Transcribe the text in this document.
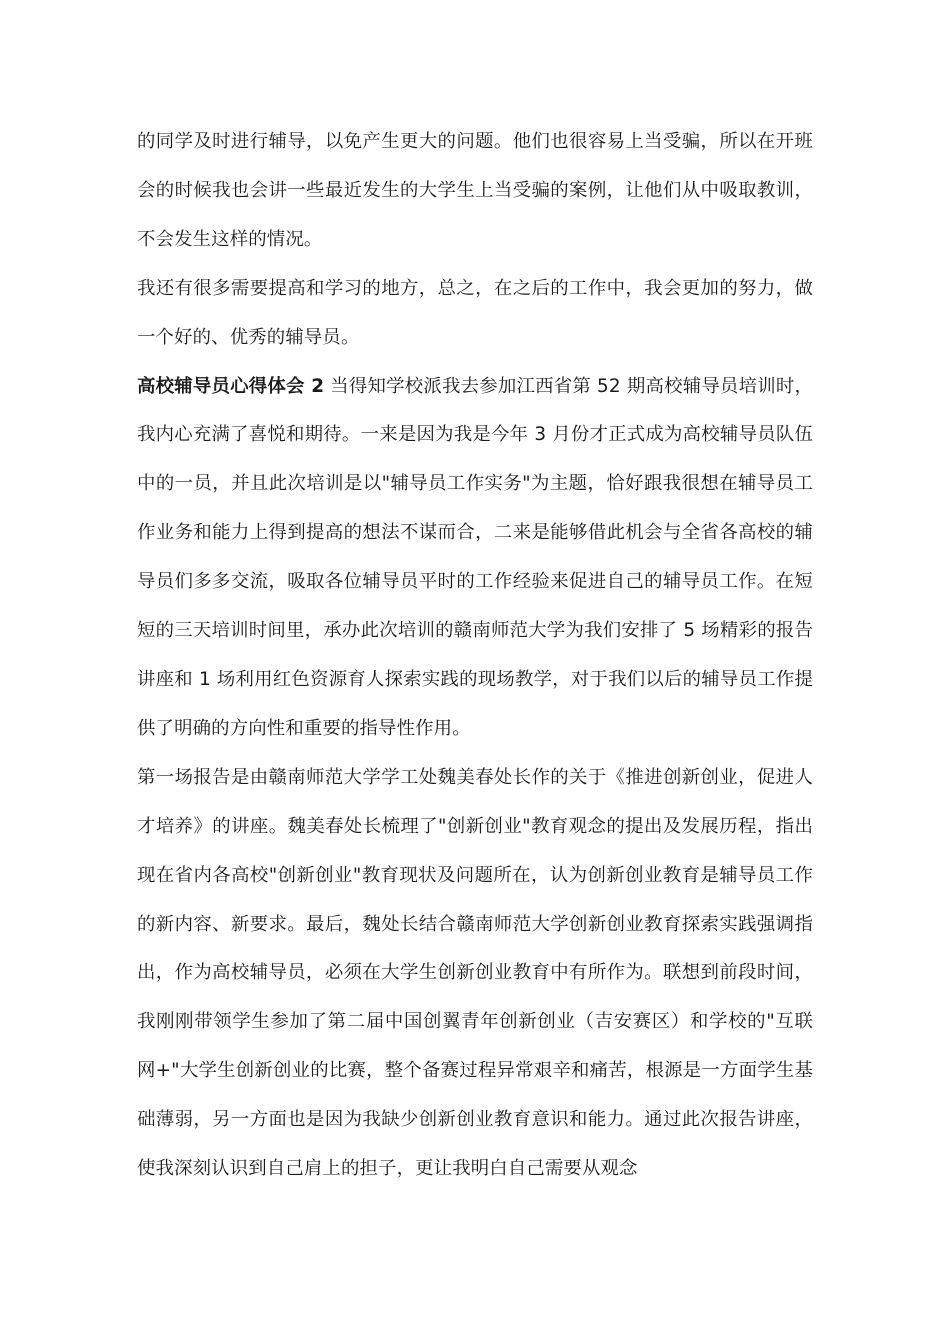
的同学及时进行辅导，以免产生更大的问题。他们也很容易上当受骗，所以在开班会的时候我也会讲一些最近发生的大学生上当受骗的案例，让他们从中吸取教训，不会发生这样的情况。

我还有很多需要提高和学习的地方，总之，在之后的工作中，我会更加的努力，做一个好的、优秀的辅导员。

高校辅导员心得体会 2 当得知学校派我去参加江西省第 52 期高校辅导员培训时，我内心充满了喜悦和期待。一来是因为我是今年 3 月份才正式成为高校辅导员队伍中的一员，并且此次培训是以"辅导员工作实务"为主题，恰好跟我很想在辅导员工作业务和能力上得到提高的想法不谋而合，二来是能够借此机会与全省各高校的辅导员们多多交流，吸取各位辅导员平时的工作经验来促进自己的辅导员工作。在短短的三天培训时间里，承办此次培训的赣南师范大学为我们安排了 5 场精彩的报告讲座和 1 场利用红色资源育人探索实践的现场教学，对于我们以后的辅导员工作提供了明确的方向性和重要的指导性作用。

第一场报告是由赣南师范大学学工处魏美春处长作的关于《推进创新创业，促进人才培养》的讲座。魏美春处长梳理了"创新创业"教育观念的提出及发展历程，指出现在省内各高校"创新创业"教育现状及问题所在，认为创新创业教育是辅导员工作的新内容、新要求。最后，魏处长结合赣南师范大学创新创业教育探索实践强调指出，作为高校辅导员，必须在大学生创新创业教育中有所作为。联想到前段时间，我刚刚带领学生参加了第二届中国创翼青年创新创业（吉安赛区）和学校的"互联网+"大学生创新创业的比赛，整个备赛过程异常艰辛和痛苦，根源是一方面学生基础薄弱，另一方面也是因为我缺少创新创业教育意识和能力。通过此次报告讲座，使我深刻认识到自己肩上的担子，更让我明白自己需要从观念
